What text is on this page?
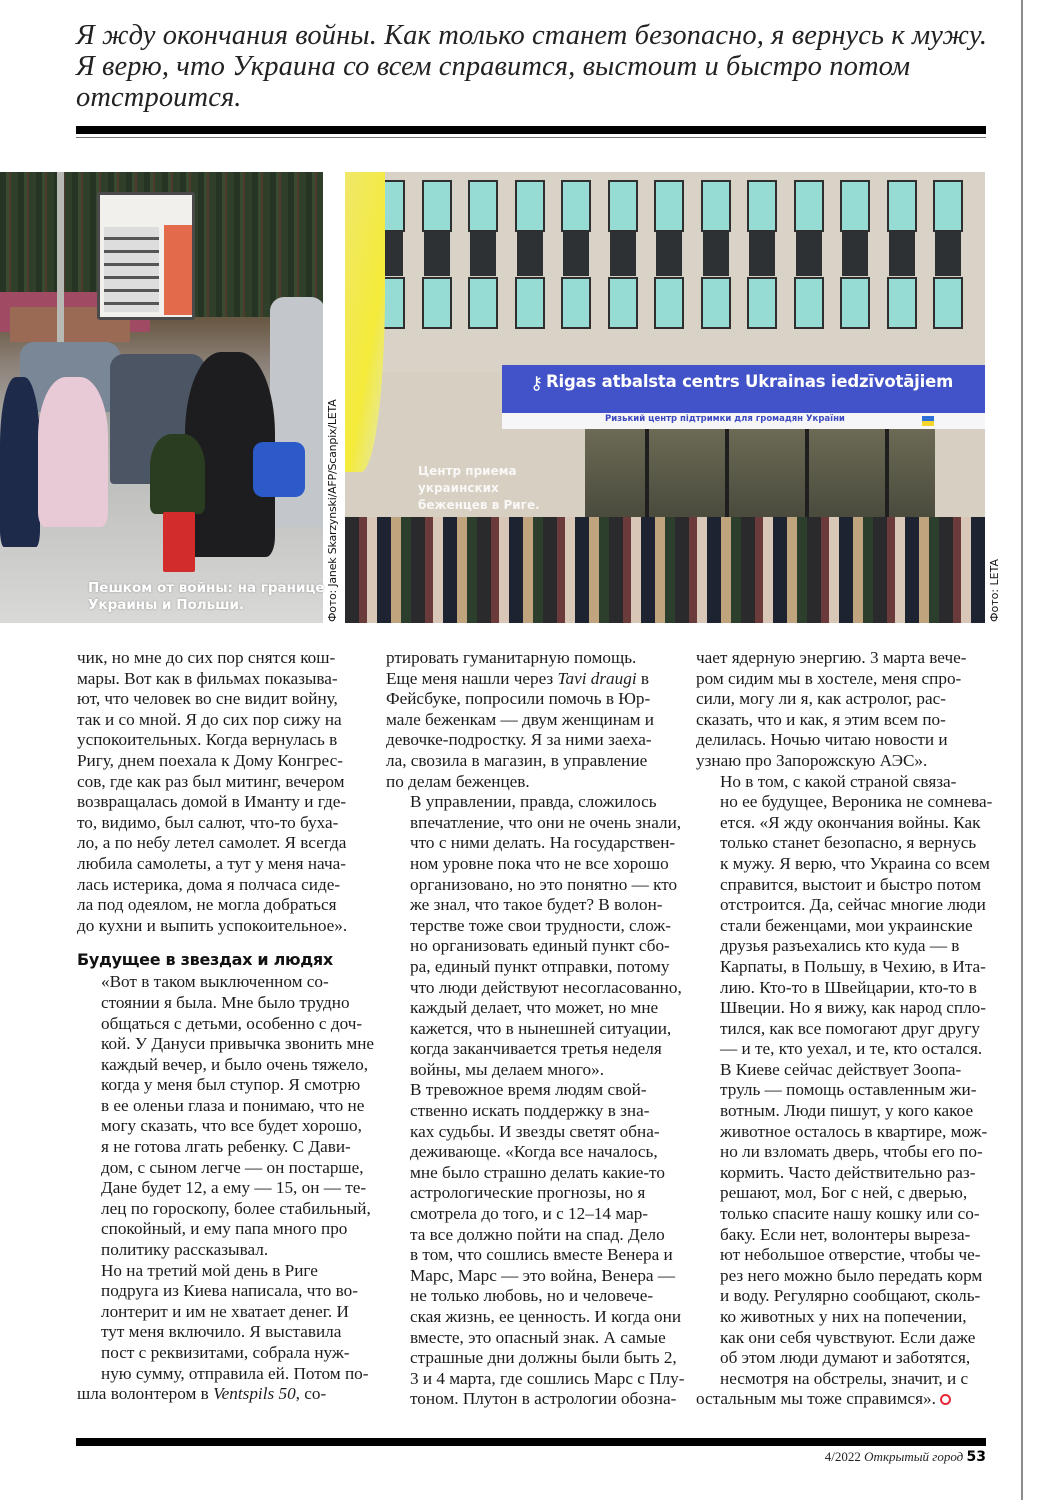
Я жду окончания войны. Как только станет безопасно, я вернусь к мужу. Я верю, что Украина со всем справится, выстоит и быстро потом отстроится.
Пешком от войны: на границе
Украины и Польши.	Фото: Janek Skarzynski/AFP/Scanpix/LETA
⚷ Rigas atbalsta centrs Ukrainas iedzīvotājiem
Ризький центр підтримки для громадян України
Центр приема
украинских
беженцев в Риге.
Фото: LETA

чик, но мне до сих пор снятся кош-
мары. Вот как в фильмах показыва-
ют, что человек во сне видит войну,
так и со мной. Я до сих пор сижу на
успокоительных. Когда вернулась в
Ригу, днем поехала к Дому Конгрес-
сов, где как раз был митинг, вечером
возвращалась домой в Иманту и где-
то, видимо, был салют, что-то буха-
ло, а по небу летел самолет. Я всегда
любила самолеты, а тут у меня нача-
лась истерика, дома я полчаса сиде-
ла под одеялом, не могла добраться
до кухни и выпить успокоительное».

Будущее в звездах и людях

«Вот в таком выключенном со-
стоянии я была. Мне было трудно
общаться с детьми, особенно с доч-
кой. У Дануси привычка звонить мне
каждый вечер, и было очень тяжело,
когда у меня был ступор. Я смотрю
в ее оленьи глаза и понимаю, что не
могу сказать, что все будет хорошо,
я не готова лгать ребенку. С Дави-
дом, с сыном легче — он постарше,
Дане будет 12, а ему — 15, он — те-
лец по гороскопу, более стабильный,
спокойный, и ему папа много про
политику рассказывал.

Но на третий мой день в Риге
подруга из Киева написала, что во-
лонтерит и им не хватает денег. И
тут меня включило. Я выставила
пост с реквизитами, собрала нуж-
ную сумму, отправила ей. Потом по-

шла волонтером в Ventspils 50, со-

ртировать гуманитарную помощь.
Еще меня нашли через Tavi draugi в

Фейсбуке, попросили помочь в Юр-
мале беженкам — двум женщинам и
девочке-подростку. Я за ними заеха-
ла, свозила в магазин, в управление
по делам беженцев.

В управлении, правда, сложилось
впечатление, что они не очень знали,
что с ними делать. На государствен-
ном уровне пока что не все хорошо
организовано, но это понятно — кто
же знал, что такое будет? В волон-
терстве тоже свои трудности, слож-
но организовать единый пункт сбо-
ра, единый пункт отправки, потому
что люди действуют несогласованно,
каждый делает, что может, но мне
кажется, что в нынешней ситуации,
когда заканчивается третья неделя
войны, мы делаем много».

В тревожное время людям свой-
ственно искать поддержку в зна-
ках судьбы. И звезды светят обна-
деживающе. «Когда все началось,
мне было страшно делать какие-то
астрологические прогнозы, но я
смотрела до того, и с 12–14 мар-
та все должно пойти на спад. Дело
в том, что сошлись вместе Венера и
Марс, Марс — это война, Венера —
не только любовь, но и человече-
ская жизнь, ее ценность. И когда они
вместе, это опасный знак. А самые
страшные дни должны были быть 2,
3 и 4 марта, где сошлись Марс с Плу-
тоном. Плутон в астрологии обозна-

чает ядерную энергию. 3 марта вече-
ром сидим мы в хостеле, меня спро-
сили, могу ли я, как астролог, рас-
сказать, что и как, я этим всем по-
делилась. Ночью читаю новости и
узнаю про Запорожскую АЭС».

Но в том, с какой страной связа-
но ее будущее, Вероника не сомнева-
ется. «Я жду окончания войны. Как
только станет безопасно, я вернусь
к мужу. Я верю, что Украина со всем
справится, выстоит и быстро потом
отстроится. Да, сейчас многие люди
стали беженцами, мои украинские
друзья разъехались кто куда — в
Карпаты, в Польшу, в Чехию, в Ита-
лию. Кто-то в Швейцарии, кто-то в
Швеции. Но я вижу, как народ спло-
тился, как все помогают друг другу
— и те, кто уехал, и те, кто остался.

В Киеве сейчас действует Зоопа-
труль — помощь оставленным жи-
вотным. Люди пишут, у кого какое
животное осталось в квартире, мож-
но ли взломать дверь, чтобы его по-
кормить. Часто действительно раз-
решают, мол, Бог с ней, с дверью,
только спасите нашу кошку или со-
баку. Если нет, волонтеры выреза-
ют небольшое отверстие, чтобы че-
рез него можно было передать корм
и воду. Регулярно сообщают, сколь-
ко животных у них на попечении,
как они себя чувствуют. Если даже
об этом люди думают и заботятся,
несмотря на обстрелы, значит, и с

остальным мы тоже справимся».

4/2022 Открытый город 53
